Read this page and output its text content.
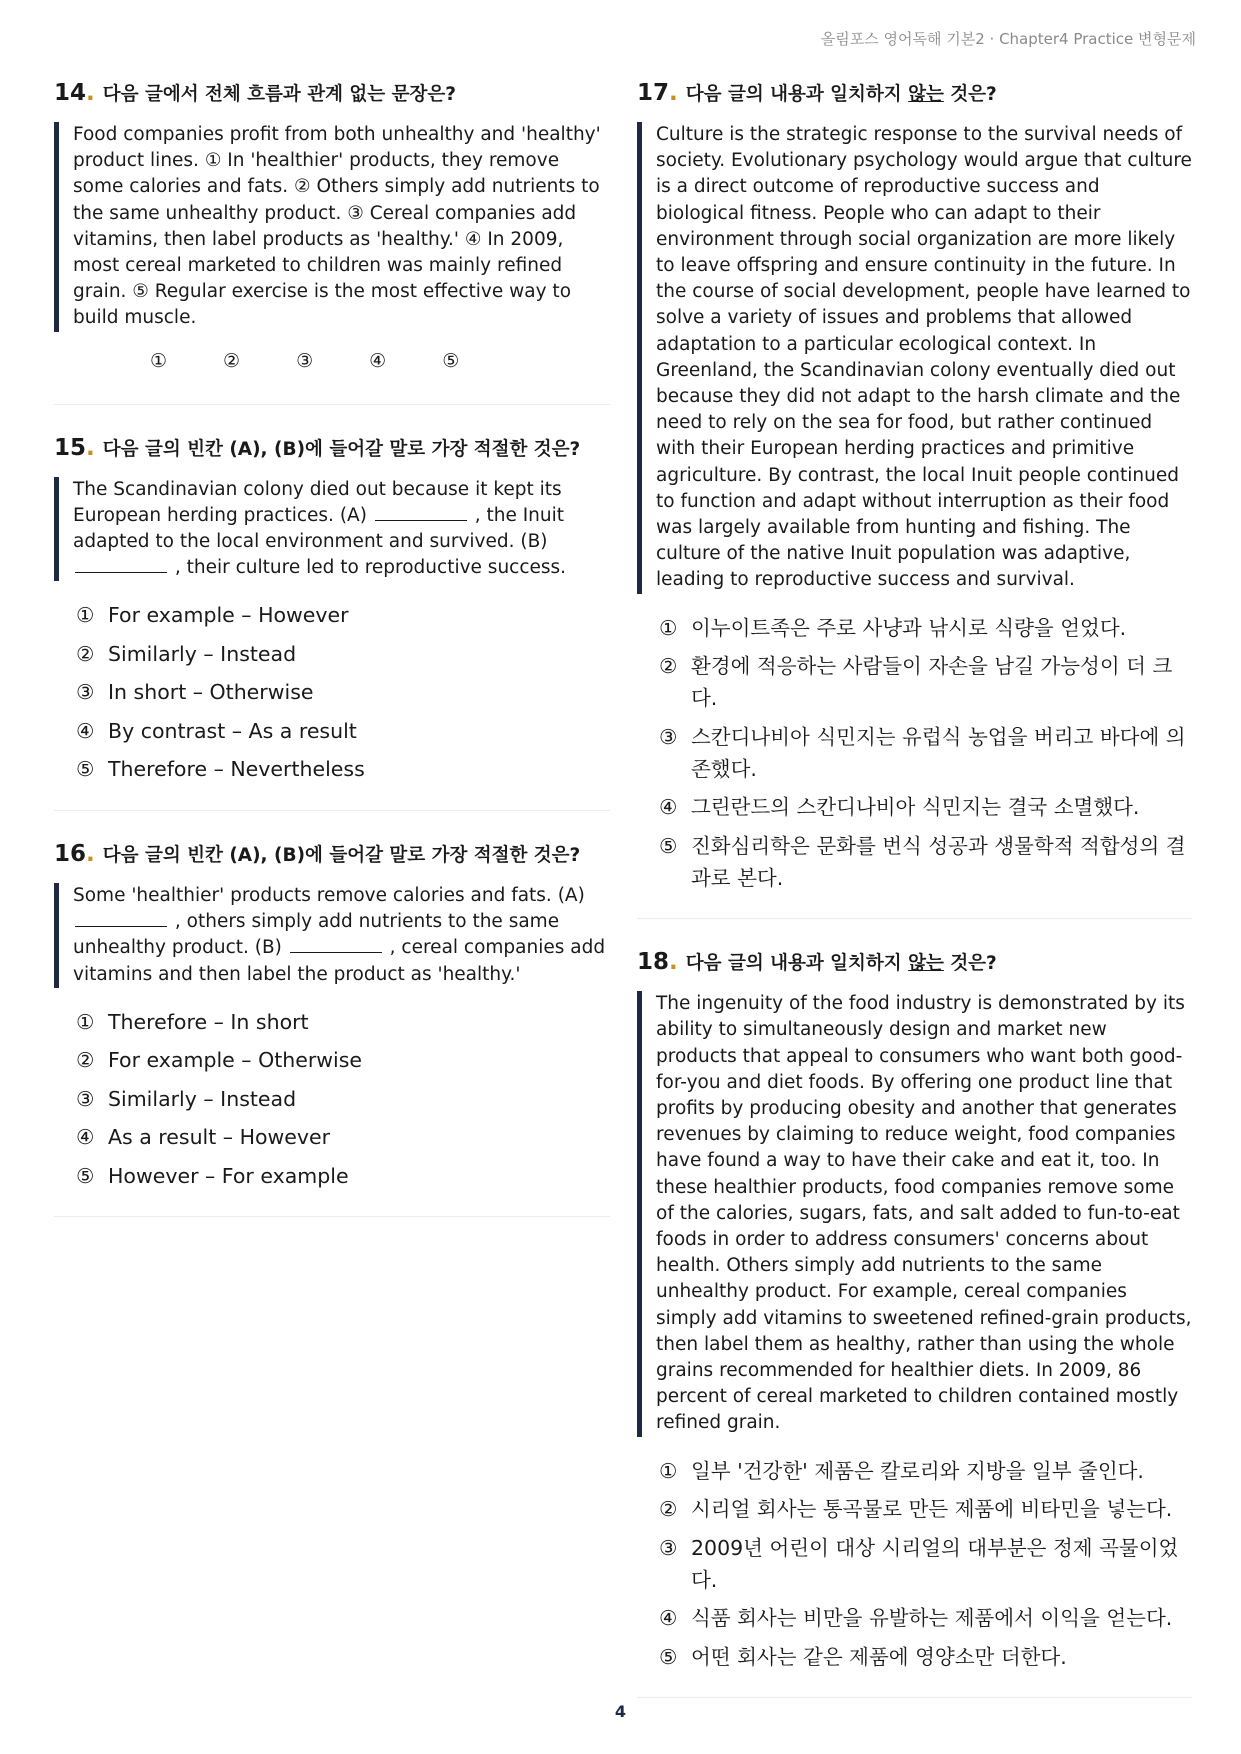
올림포스 영어독해 기본2 · Chapter4 Practice 변형문제
14 . 다음 글에서 전체 흐름과 관계 없는 문장은?
Food companies profit from both unhealthy and 'healthy' product lines. ① In 'healthier' products, they remove some calories and fats. ② Others simply add nutrients to the same unhealthy product. ③ Cereal companies add vitamins, then label products as 'healthy.' ④ In 2009, most cereal marketed to children was mainly refined grain. ⑤ Regular exercise is the most effective way to build muscle.
①	②	③	④	⑤
15 . 다음 글의 빈칸 (A), (B)에 들어갈 말로 가장 적절한 것은?
The Scandinavian colony died out because it kept its European herding practices. (A)	, the Inuit adapted to the local environment and survived. (B)  , their culture led to reproductive success.
① For example – However
② Similarly – Instead
③ In short – Otherwise
④ By contrast – As a result
⑤ Therefore – Nevertheless
16 . 다음 글의 빈칸 (A), (B)에 들어갈 말로 가장 적절한 것은?
Some 'healthier' products remove calories and fats. (A)  , others simply add nutrients to the same unhealthy product. (B)	, cereal companies add vitamins and then label the product as 'healthy.'
① Therefore – In short
② For example – Otherwise
③ Similarly – Instead
④ As a result – However
⑤ However – For example
17 . 다음 글의 내용과 일치하지 않는 것은?
Culture is the strategic response to the survival needs of society. Evolutionary psychology would argue that culture is a direct outcome of reproductive success and biological fitness. People who can adapt to their environment through social organization are more likely to leave offspring and ensure continuity in the future. In the course of social development, people have learned to solve a variety of issues and problems that allowed adaptation to a particular ecological context. In Greenland, the Scandinavian colony eventually died out because they did not adapt to the harsh climate and the need to rely on the sea for food, but rather continued with their European herding practices and primitive agriculture. By contrast, the local Inuit people continued to function and adapt without interruption as their food was largely available from hunting and fishing. The culture of the native Inuit population was adaptive, leading to reproductive success and survival.
① 이누이트족은 주로 사냥과 낚시로 식량을 얻었다.
② 환경에 적응하는 사람들이 자손을 남길 가능성이 더 크다.
③ 스칸디나비아 식민지는 유럽식 농업을 버리고 바다에 의존했다.
④ 그린란드의 스칸디나비아 식민지는 결국 소멸했다.
⑤ 진화심리학은 문화를 번식 성공과 생물학적 적합성의 결과로 본다.
18 . 다음 글의 내용과 일치하지 않는 것은?
The ingenuity of the food industry is demonstrated by its ability to simultaneously design and market new products that appeal to consumers who want both good-for-you and diet foods. By offering one product line that profits by producing obesity and another that generates revenues by claiming to reduce weight, food companies have found a way to have their cake and eat it, too. In these healthier products, food companies remove some of the calories, sugars, fats, and salt added to fun-to-eat foods in order to address consumers' concerns about health. Others simply add nutrients to the same unhealthy product. For example, cereal companies simply add vitamins to sweetened refined-grain products, then label them as healthy, rather than using the whole grains recommended for healthier diets. In 2009, 86 percent of cereal marketed to children contained mostly refined grain.
① 일부 '건강한' 제품은 칼로리와 지방을 일부 줄인다.
② 시리얼 회사는 통곡물로 만든 제품에 비타민을 넣는다.
③ 2009년 어린이 대상 시리얼의 대부분은 정제 곡물이었다.
④ 식품 회사는 비만을 유발하는 제품에서 이익을 얻는다.
⑤ 어떤 회사는 같은 제품에 영양소만 더한다.
4
